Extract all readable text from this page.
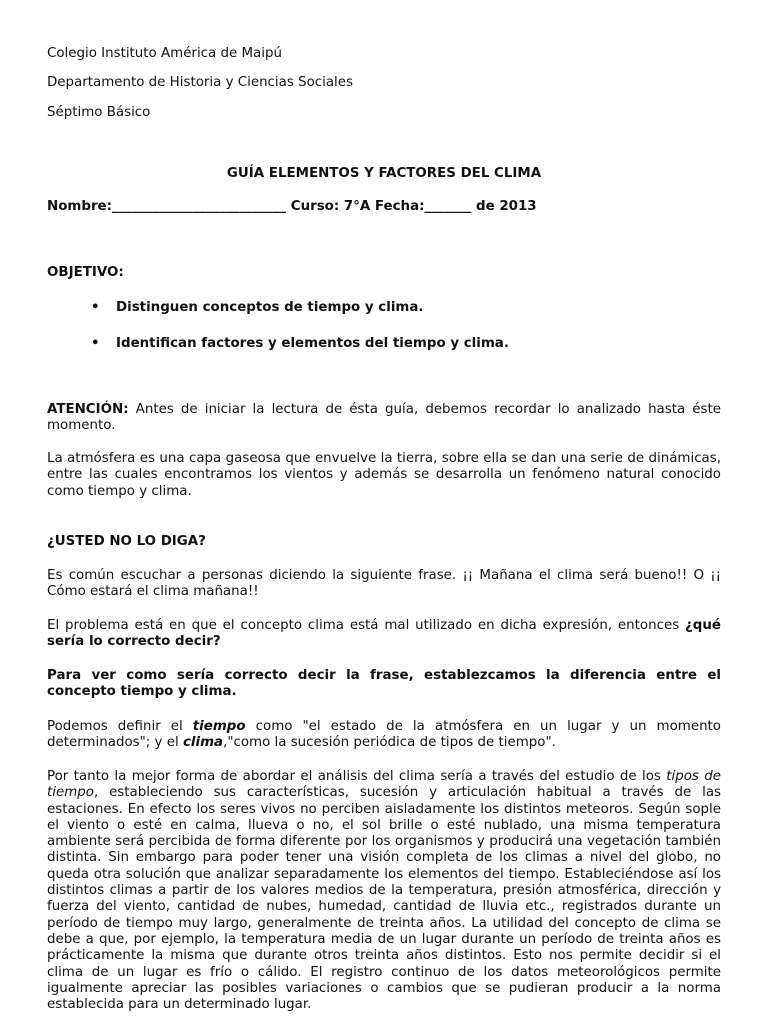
Colegio Instituto América de Maipú

Departamento de Historia y Ciencias Sociales

Séptimo Básico

GUÍA ELEMENTOS Y FACTORES DEL CLIMA

Nombre:__________________________ Curso: 7°A Fecha:_______ de 2013

OBJETIVO:

• Distinguen conceptos de tiempo y clima.
• Identifican factores y elementos del tiempo y clima.

ATENCIÓN: Antes de iniciar la lectura de ésta guía, debemos recordar lo analizado hasta éste momento.

La atmósfera es una capa gaseosa que envuelve la tierra, sobre ella se dan una serie de dinámicas, entre las cuales encontramos los vientos y además se desarrolla un fenómeno natural conocido como tiempo y clima.

¿USTED NO LO DIGA?

Es común escuchar a personas diciendo la siguiente frase. ¡¡ Mañana el clima será bueno!! O ¡¡ Cómo estará el clima mañana!!

El problema está en que el concepto clima está mal utilizado en dicha expresión, entonces ¿qué sería lo correcto decir?

Para ver como sería correcto decir la frase, establezcamos la diferencia entre el concepto tiempo y clima.

Podemos definir el tiempo como "el estado de la atmósfera en un lugar y un momento determinados"; y el clima,"como la sucesión periódica de tipos de tiempo".

Por tanto la mejor forma de abordar el análisis del clima sería a través del estudio de los tipos de tiempo, estableciendo sus características, sucesión y articulación habitual a través de las estaciones. En efecto los seres vivos no perciben aisladamente los distintos meteoros. Según sople el viento o esté en calma, llueva o no, el sol brille o esté nublado, una misma temperatura ambiente será percibida de forma diferente por los organismos y producirá una vegetación también distinta. Sin embargo para poder tener una visión completa de los climas a nivel del globo, no queda otra solución que analizar separadamente los elementos del tiempo. Estableciéndose así los distintos climas a partir de los valores medios de la temperatura, presión atmosférica, dirección y fuerza del viento, cantidad de nubes, humedad, cantidad de lluvia etc., registrados durante un período de tiempo muy largo, generalmente de treinta años. La utilidad del concepto de clima se debe a que, por ejemplo, la temperatura media de un lugar durante un período de treinta años es prácticamente la misma que durante otros treinta años distintos. Esto nos permite decidir si el clima de un lugar es frío o cálido. El registro continuo de los datos meteorológicos permite igualmente apreciar las posibles variaciones o cambios que se pudieran producir a la norma establecida para un determinado lugar.
